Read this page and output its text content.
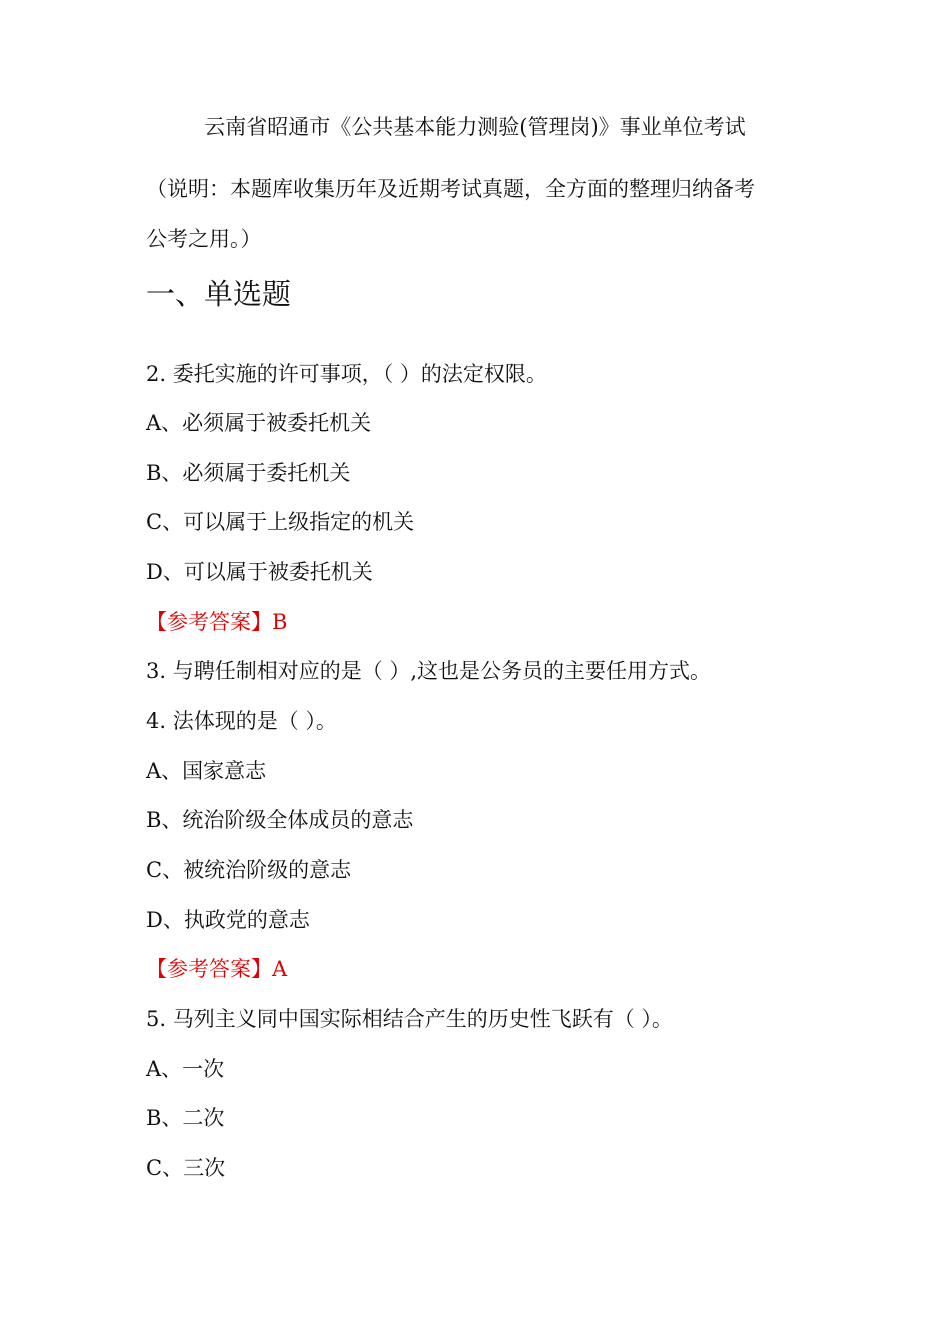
云南省昭通市《公共基本能力测验(管理岗)》事业单位考试
（说明：本题库收集历年及近期考试真题，全方面的整理归纳备考
公考之用。）
一、单选题
2. 委托实施的许可事项，（ ）的法定权限。
A、必须属于被委托机关
B、必须属于委托机关
C、可以属于上级指定的机关
D、可以属于被委托机关
【参考答案】B
3. 与聘任制相对应的是（ ）,这也是公务员的主要任用方式。
4. 法体现的是（ ）。
A、国家意志
B、统治阶级全体成员的意志
C、被统治阶级的意志
D、执政党的意志
【参考答案】A
5. 马列主义同中国实际相结合产生的历史性飞跃有（ ）。
A、一次
B、二次
C、三次
